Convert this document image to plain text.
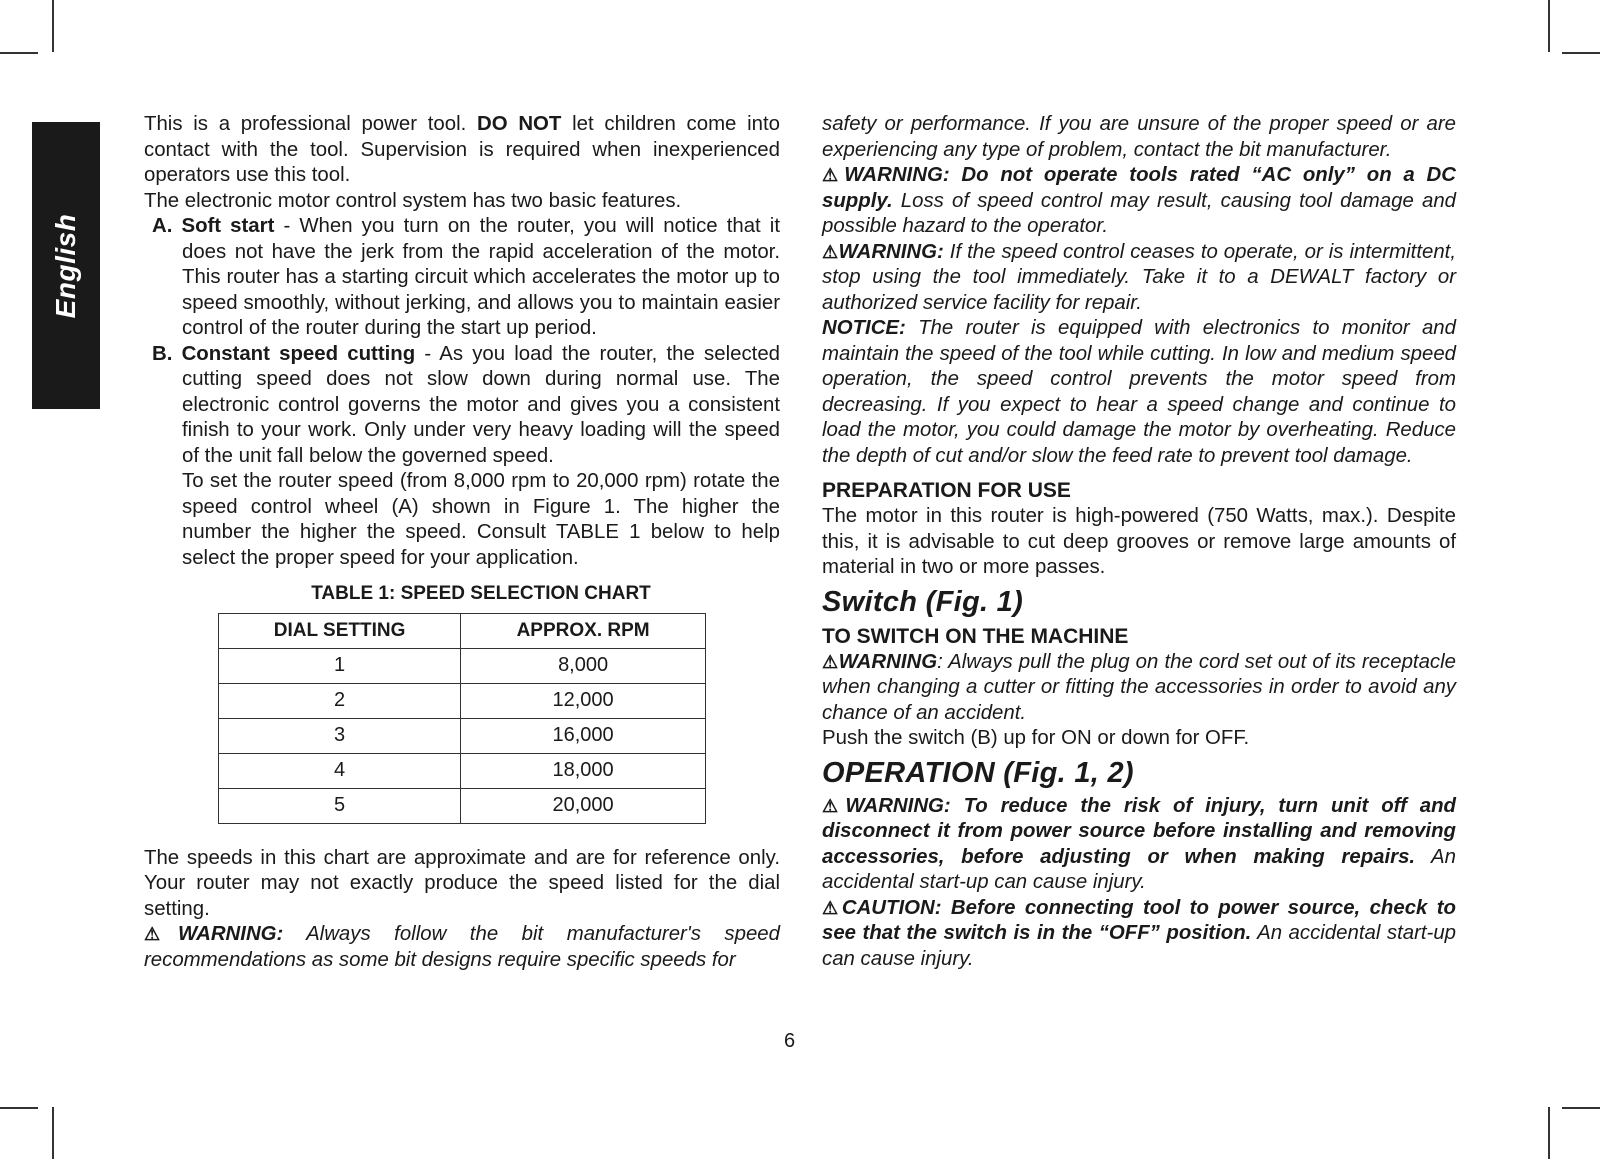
English

This is a professional power tool. DO NOT let children come into contact with the tool. Supervision is required when inexperienced operators use this tool.

The electronic motor control system has two basic features.

A. Soft start - When you turn on the router, you will notice that it does not have the jerk from the rapid acceleration of the motor. This router has a starting circuit which accelerates the motor up to speed smoothly, without jerking, and allows you to maintain easier control of the router during the start up period.

B. Constant speed cutting - As you load the router, the selected cutting speed does not slow down during normal use. The electronic control governs the motor and gives you a consistent finish to your work. Only under very heavy loading will the speed of the unit fall below the governed speed.

To set the router speed (from 8,000 rpm to 20,000 rpm) rotate the speed control wheel (A) shown in Figure 1. The higher the number the higher the speed. Consult TABLE 1 below to help select the proper speed for your application.

TABLE 1: SPEED SELECTION CHART
DIAL SETTING	APPROX. RPM
1	8,000
2	12,000
3	16,000
4	18,000
5	20,000

The speeds in this chart are approximate and are for reference only. Your router may not exactly produce the speed listed for the dial setting.

⚠WARNING: Always follow the bit manufacturer's speed recommendations as some bit designs require specific speeds for

safety or performance. If you are unsure of the proper speed or are experiencing any type of problem, contact the bit manufacturer.

⚠WARNING: Do not operate tools rated “AC only” on a DC supply. Loss of speed control may result, causing tool damage and possible hazard to the operator.

⚠WARNING: If the speed control ceases to operate, or is intermittent, stop using the tool immediately. Take it to a DEWALT factory or authorized service facility for repair.

NOTICE: The router is equipped with electronics to monitor and maintain the speed of the tool while cutting. In low and medium speed operation, the speed control prevents the motor speed from decreasing. If you expect to hear a speed change and continue to load the motor, you could damage the motor by overheating. Reduce the depth of cut and/or slow the feed rate to prevent tool damage.

PREPARATION FOR USE

The motor in this router is high-powered (750 Watts, max.). Despite this, it is advisable to cut deep grooves or remove large amounts of material in two or more passes.

Switch (Fig. 1)
TO SWITCH ON THE MACHINE

⚠WARNING: Always pull the plug on the cord set out of its receptacle when changing a cutter or fitting the accessories in order to avoid any chance of an accident.

Push the switch (B) up for ON or down for OFF.

OPERATION (Fig. 1, 2)

⚠WARNING: To reduce the risk of injury, turn unit off and disconnect it from power source before installing and removing accessories, before adjusting or when making repairs. An accidental start-up can cause injury.

⚠CAUTION: Before connecting tool to power source, check to see that the switch is in the “OFF” position. An accidental start-up can cause injury.

6
